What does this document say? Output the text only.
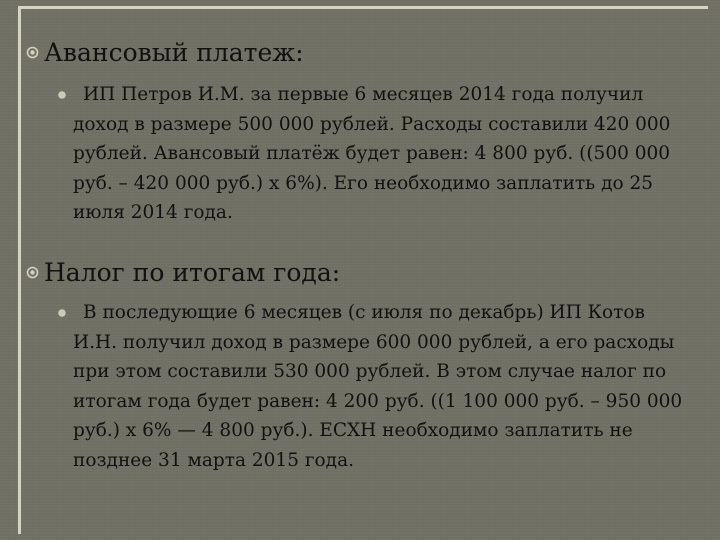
Авансовый платеж:

ИП Петров И.М. за первые 6 месяцев 2014 года получил доход в размере 500 000 рублей. Расходы составили 420 000 рублей. Авансовый платёж будет равен: 4 800 руб. ((500 000 руб. – 420 000 руб.) х 6%). Его необходимо заплатить до 25 июля 2014 года.

Налог по итогам года:

В последующие 6 месяцев (с июля по декабрь) ИП Котов И.Н. получил доход в размере 600 000 рублей, а его расходы при этом составили 530 000 рублей. В этом случае налог по итогам года будет равен: 4 200 руб. ((1 100 000 руб. – 950 000 руб.) х 6% — 4 800 руб.). ЕСХН необходимо заплатить не позднее 31 марта 2015 года.
